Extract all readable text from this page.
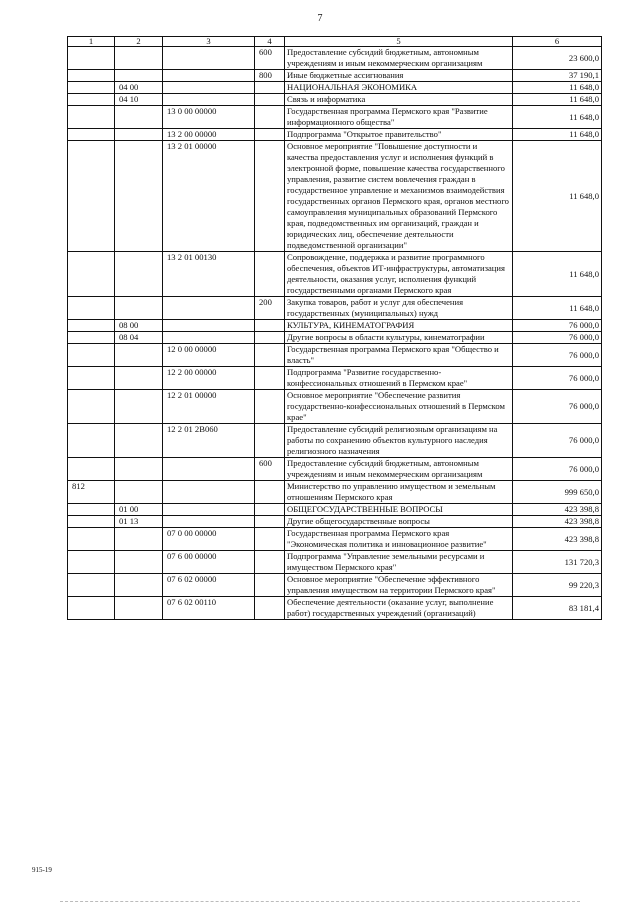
7
1	2	3	4	5	6
			600	Предоставление субсидий бюджетным, автономным учреждениям и иным некоммерческим организациям	23 600,0
			800	Иные бюджетные ассигнования	37 190,1
	04 00			НАЦИОНАЛЬНАЯ ЭКОНОМИКА	11 648,0
	04 10			Связь и информатика	11 648,0
		13 0 00 00000		Государственная программа Пермского края "Развитие информационного общества"	11 648,0
		13 2 00 00000		Подпрограмма "Открытое правительство"	11 648,0
		13 2 01 00000		Основное мероприятие "Повышение доступности и качества предоставления услуг и исполнения функций в электронной форме, повышение качества государственного управления, развитие систем вовлечения граждан в государственное управление и механизмов взаимодействия государственных органов Пермского края, органов местного самоуправления муниципальных образований Пермского края, подведомственных им организаций, граждан и юридических лиц, обеспечение деятельности подведомственной организации"	11 648,0
		13 2 01 00130		Сопровождение, поддержка и развитие программного обеспечения, объектов ИТ-инфраструктуры, автоматизация деятельности, оказания услуг, исполнения функций государственными органами Пермского края	11 648,0
			200	Закупка товаров, работ и услуг для обеспечения государственных (муниципальных) нужд	11 648,0
	08 00			КУЛЬТУРА, КИНЕМАТОГРАФИЯ	76 000,0
	08 04			Другие вопросы в области культуры, кинематографии	76 000,0
		12 0 00 00000		Государственная программа Пермского края "Общество и власть"	76 000,0
		12 2 00 00000		Подпрограмма "Развитие государственно-конфессиональных отношений в Пермском крае"	76 000,0
		12 2 01 00000		Основное мероприятие "Обеспечение развития государственно-конфессиональных отношений в Пермском крае"	76 000,0
		12 2 01 2В060		Предоставление субсидий религиозным организациям на работы по сохранению объектов культурного наследия религиозного назначения	76 000,0
			600	Предоставление субсидий бюджетным, автономным учреждениям и иным некоммерческим организациям	76 000,0
812				Министерство по управлению имуществом и земельным отношениям Пермского края	999 650,0
	01 00			ОБЩЕГОСУДАРСТВЕННЫЕ ВОПРОСЫ	423 398,8
	01 13			Другие общегосударственные вопросы	423 398,8
		07 0 00 00000		Государственная программа Пермского края "Экономическая политика и инновационное развитие"	423 398,8
		07 6 00 00000		Подпрограмма "Управление земельными ресурсами и имуществом Пермского края"	131 720,3
		07 6 02 00000		Основное мероприятие "Обеспечение эффективного управления имуществом на территории Пермского края"	99 220,3
		07 6 02 00110		Обеспечение деятельности (оказание услуг, выполнение работ) государственных учреждений (организаций)	83 181,4
915-19
